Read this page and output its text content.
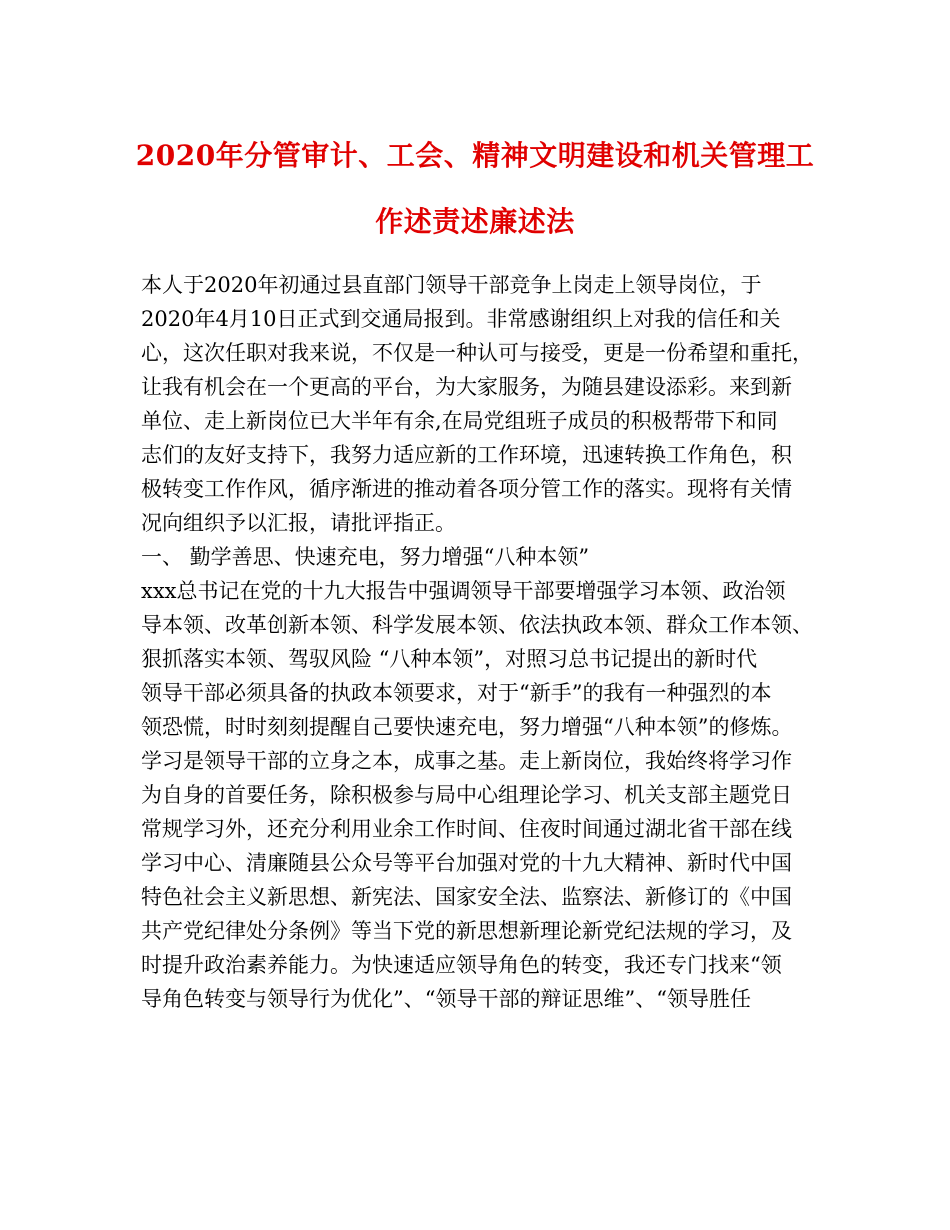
2020年分管审计、工会、精神文明建设和机关管理工
作述责述廉述法
本人于2020年初通过县直部门领导干部竞争上岗走上领导岗位，于
2020年4月10日正式到交通局报到。非常感谢组织上对我的信任和关
心，这次任职对我来说，不仅是一种认可与接受，更是一份希望和重托，
让我有机会在一个更高的平台，为大家服务，为随县建设添彩。来到新
单位、走上新岗位已大半年有余,在局党组班子成员的积极帮带下和同
志们的友好支持下，我努力适应新的工作环境，迅速转换工作角色，积
极转变工作作风，循序渐进的推动着各项分管工作的落实。现将有关情
况向组织予以汇报，请批评指正。
一、 勤学善思、快速充电，努力增强“八种本领”
xxx总书记在党的十九大报告中强调领导干部要增强学习本领、政治领
导本领、改革创新本领、科学发展本领、依法执政本领、群众工作本领、
狠抓落实本领、驾驭风险 “八种本领”，对照习总书记提出的新时代
领导干部必须具备的执政本领要求，对于“新手”的我有一种强烈的本
领恐慌，时时刻刻提醒自己要快速充电，努力增强“八种本领”的修炼。
学习是领导干部的立身之本，成事之基。走上新岗位，我始终将学习作
为自身的首要任务，除积极参与局中心组理论学习、机关支部主题党日
常规学习外，还充分利用业余工作时间、住夜时间通过湖北省干部在线
学习中心、清廉随县公众号等平台加强对党的十九大精神、新时代中国
特色社会主义新思想、新宪法、国家安全法、监察法、新修订的《中国
共产党纪律处分条例》等当下党的新思想新理论新党纪法规的学习，及
时提升政治素养能力。为快速适应领导角色的转变，我还专门找来“领
导角色转变与领导行为优化”、“领导干部的辩证思维”、“领导胜任
